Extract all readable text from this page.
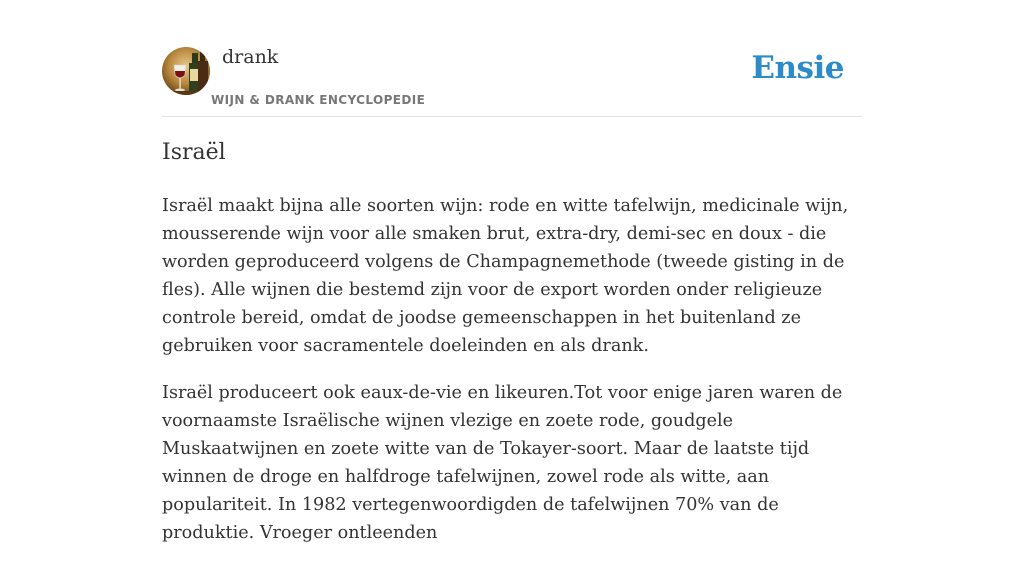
drank
WIJN & DRANK ENCYCLOPEDIE
Ensie
Israël

Israël maakt bijna alle soorten wijn: rode en witte tafelwijn, medicinale wijn, mousserende wijn voor alle smaken brut, extra-dry, demi-sec en doux - die worden geproduceerd volgens de Champagnemethode (tweede gisting in de fles). Alle wijnen die bestemd zijn voor de export worden onder religieuze controle bereid, omdat de joodse gemeenschappen in het buitenland ze gebruiken voor sacramentele doeleinden en als drank.

Israël produceert ook eaux-de-vie en likeuren.Tot voor enige jaren waren de voornaamste Israëlische wijnen vlezige en zoete rode, goudgele Muskaatwijnen en zoete witte van de Tokayer-soort. Maar de laatste tijd winnen de droge en halfdroge tafelwijnen, zowel rode als witte, aan populariteit. In 1982 vertegenwoordigden de tafelwijnen 70% van de produktie. Vroeger ontleenden
